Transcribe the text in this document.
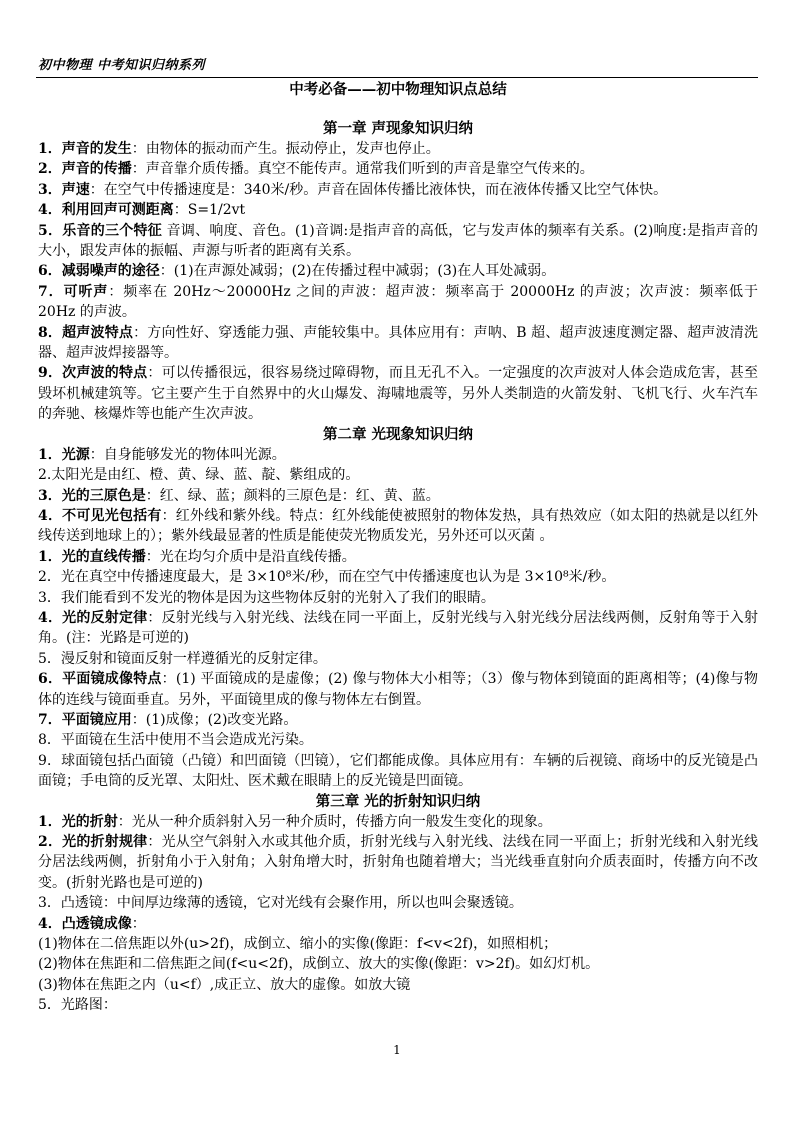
初中物理 中考知识归纳系列
中考必备——初中物理知识点总结
第一章 声现象知识归纳

1．声音的发生：由物体的振动而产生。振动停止，发声也停止。

2．声音的传播：声音靠介质传播。真空不能传声。通常我们听到的声音是靠空气传来的。

3．声速：在空气中传播速度是：340米/秒。声音在固体传播比液体快，而在液体传播又比空气体快。

4．利用回声可测距离：S=1/2vt

5．乐音的三个特征 音调、响度、音色。(1)音调:是指声音的高低，它与发声体的频率有关系。(2)响度:是指声音的大小，跟发声体的振幅、声源与听者的距离有关系。

6．减弱噪声的途径：(1)在声源处减弱；(2)在传播过程中减弱；(3)在人耳处减弱。

7．可听声：频率在 20Hz～20000Hz 之间的声波：超声波：频率高于 20000Hz 的声波；次声波：频率低于 20Hz 的声波。

8．超声波特点：方向性好、穿透能力强、声能较集中。具体应用有：声呐、B 超、超声波速度测定器、超声波清洗器、超声波焊接器等。

9．次声波的特点：可以传播很远，很容易绕过障碍物，而且无孔不入。一定强度的次声波对人体会造成危害，甚至毁坏机械建筑等。它主要产生于自然界中的火山爆发、海啸地震等，另外人类制造的火箭发射、飞机飞行、火车汽车的奔驰、核爆炸等也能产生次声波。

第二章 光现象知识归纳

1．光源：自身能够发光的物体叫光源。

2.太阳光是由红、橙、黄、绿、蓝、靛、紫组成的。

3．光的三原色是：红、绿、蓝；颜料的三原色是：红、黄、蓝。

4．不可见光包括有：红外线和紫外线。特点：红外线能使被照射的物体发热，具有热效应（如太阳的热就是以红外线传送到地球上的）；紫外线最显著的性质是能使荧光物质发光，另外还可以灭菌 。

1．光的直线传播：光在均匀介质中是沿直线传播。

2．光在真空中传播速度最大，是 3×10⁸米/秒，而在空气中传播速度也认为是 3×10⁸米/秒。

3．我们能看到不发光的物体是因为这些物体反射的光射入了我们的眼睛。

4．光的反射定律：反射光线与入射光线、法线在同一平面上，反射光线与入射光线分居法线两侧，反射角等于入射角。(注：光路是可逆的)

5．漫反射和镜面反射一样遵循光的反射定律。

6．平面镜成像特点：(1) 平面镜成的是虚像；(2) 像与物体大小相等；（3）像与物体到镜面的距离相等；(4)像与物体的连线与镜面垂直。另外，平面镜里成的像与物体左右倒置。

7．平面镜应用：(1)成像；(2)改变光路。

8．平面镜在生活中使用不当会造成光污染。

9．球面镜包括凸面镜（凸镜）和凹面镜（凹镜），它们都能成像。具体应用有：车辆的后视镜、商场中的反光镜是凸面镜；手电筒的反光罩、太阳灶、医术戴在眼睛上的反光镜是凹面镜。

第三章 光的折射知识归纳

1．光的折射：光从一种介质斜射入另一种介质时，传播方向一般发生变化的现象。

2．光的折射规律：光从空气斜射入水或其他介质，折射光线与入射光线、法线在同一平面上；折射光线和入射光线分居法线两侧，折射角小于入射角；入射角增大时，折射角也随着增大；当光线垂直射向介质表面时，传播方向不改变。(折射光路也是可逆的)

3．凸透镜：中间厚边缘薄的透镜，它对光线有会聚作用，所以也叫会聚透镜。

4．凸透镜成像：

(1)物体在二倍焦距以外(u>2f)，成倒立、缩小的实像(像距：f<v<2f)，如照相机；

(2)物体在焦距和二倍焦距之间(f<u<2f)，成倒立、放大的实像(像距：v>2f)。如幻灯机。

(3)物体在焦距之内（u<f）,成正立、放大的虚像。如放大镜

5．光路图：

1
